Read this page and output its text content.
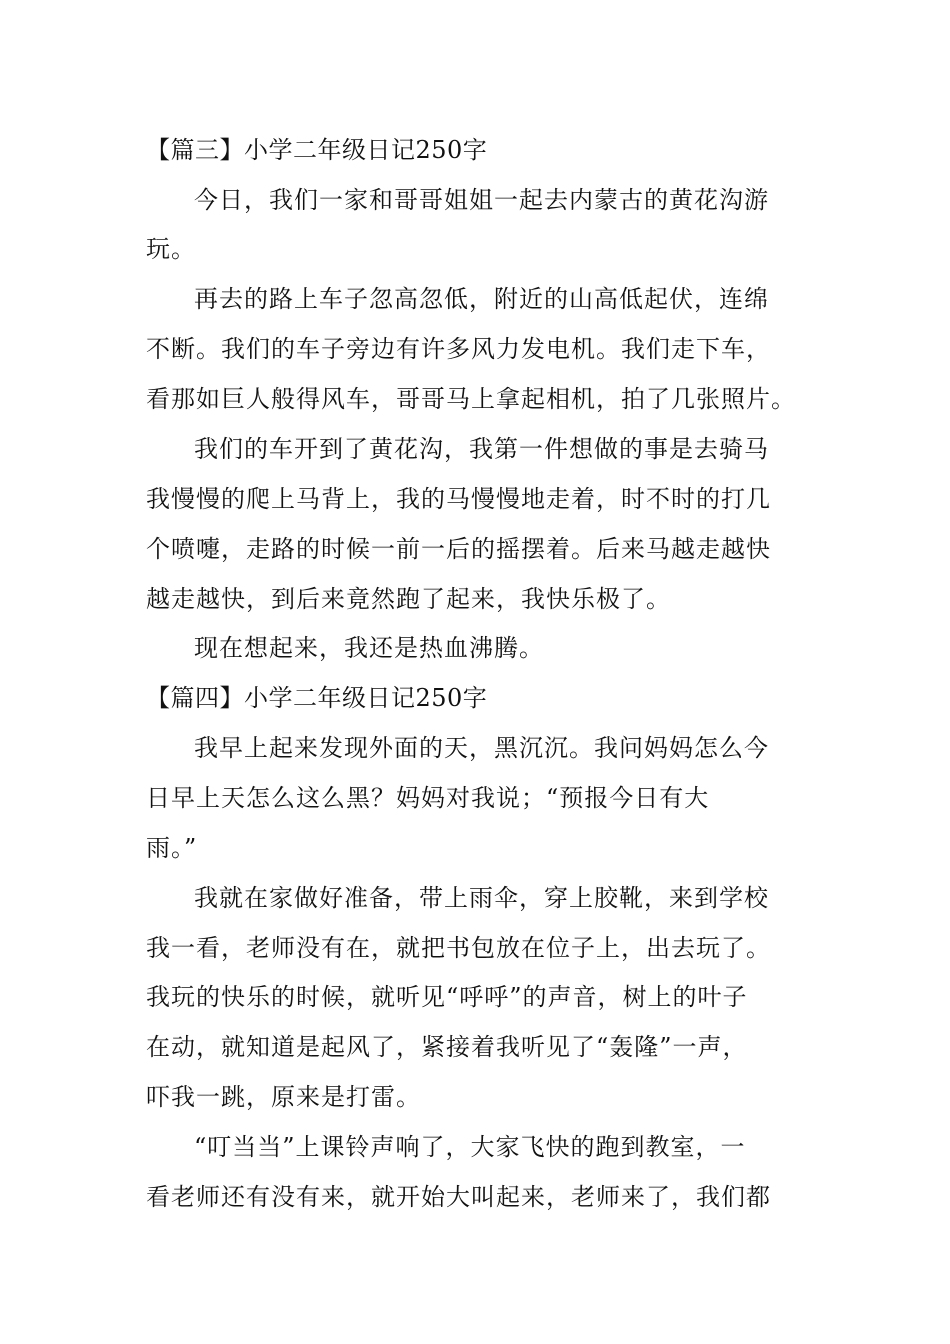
【篇三】小学二年级日记250字
今日，我们一家和哥哥姐姐一起去内蒙古的黄花沟游
玩。
再去的路上车子忽高忽低，附近的山高低起伏，连绵
不断。我们的车子旁边有许多风力发电机。我们走下车，
看那如巨人般得风车，哥哥马上拿起相机，拍了几张照片。
我们的车开到了黄花沟，我第一件想做的事是去骑马
我慢慢的爬上马背上，我的马慢慢地走着，时不时的打几
个喷嚏，走路的时候一前一后的摇摆着。后来马越走越快
越走越快，到后来竟然跑了起来，我快乐极了。
现在想起来，我还是热血沸腾。
【篇四】小学二年级日记250字
我早上起来发现外面的天，黑沉沉。我问妈妈怎么今
日早上天怎么这么黑？妈妈对我说；“预报今日有大
雨。”
我就在家做好准备，带上雨伞，穿上胶靴，来到学校
我一看，老师没有在，就把书包放在位子上，出去玩了。
我玩的快乐的时候，就听见“呼呼”的声音，树上的叶子
在动，就知道是起风了，紧接着我听见了“轰隆”一声，
吓我一跳，原来是打雷。
“叮当当”上课铃声响了，大家飞快的跑到教室，一
看老师还有没有来，就开始大叫起来，老师来了，我们都
